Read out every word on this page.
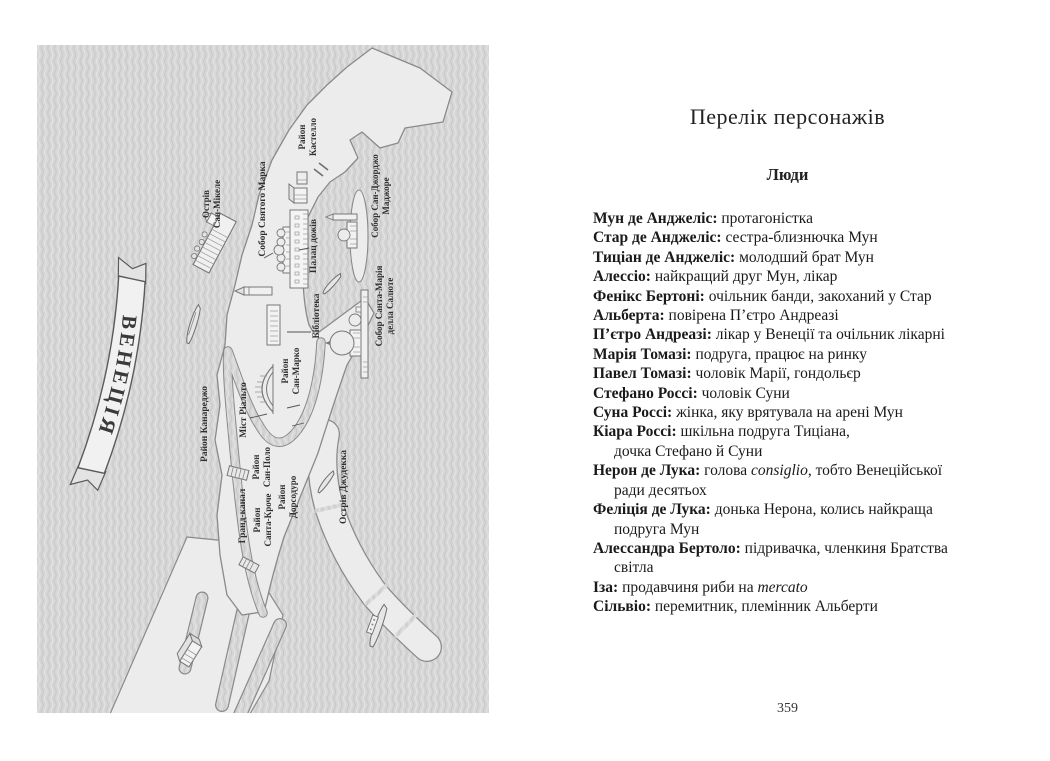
ВЕНЕЦІЯ
Острів Сан-Мікеле
Район Кастелло
Собор Святого Марка	Палац дожів
Собор Сан-Джорджо Маджоре
Бібліотека	Собор Санта-Марія делла Салюте
Район Сан-Марко
Міст Ріальто
Район Канареджо
Гранд-канал
Район Сан-Поло
Район Санта-Кроче Район Дорсодуро	Острів Джудекка
Перелік персонажів
Люди
Мун де Анджеліс: протагоністка
Стар де Анджеліс: сестра-близнючка Мун
Тиціан де Анджеліс: молодший брат Мун
Алессіо: найкращий друг Мун, лікар
Фенікс Бертоні: очільник банди, закоханий у Стар
Альберта: повірена П’єтро Андреазі
П’єтро Андреазі: лікар у Венеції та очільник лікарні
Марія Томазі: подруга, працює на ринку
Павел Томазі: чоловік Марії, гондольєр
Стефано Россі: чоловік Суни
Суна Россі: жінка, яку врятувала на арені Мун
Кіара Россі: шкільна подруга Тиціана,
дочка Стефано й Суни
Нерон де Лука: голова consiglio, тобто Венеційської
ради десятьох
Феліція де Лука: донька Нерона, колись найкраща
подруга Мун
Алессандра Бертоло: підривачка, членкиня Братства
світла
Іза: продавчиня риби на mercato
Сільвіо: перемитник, племінник Альберти
359
